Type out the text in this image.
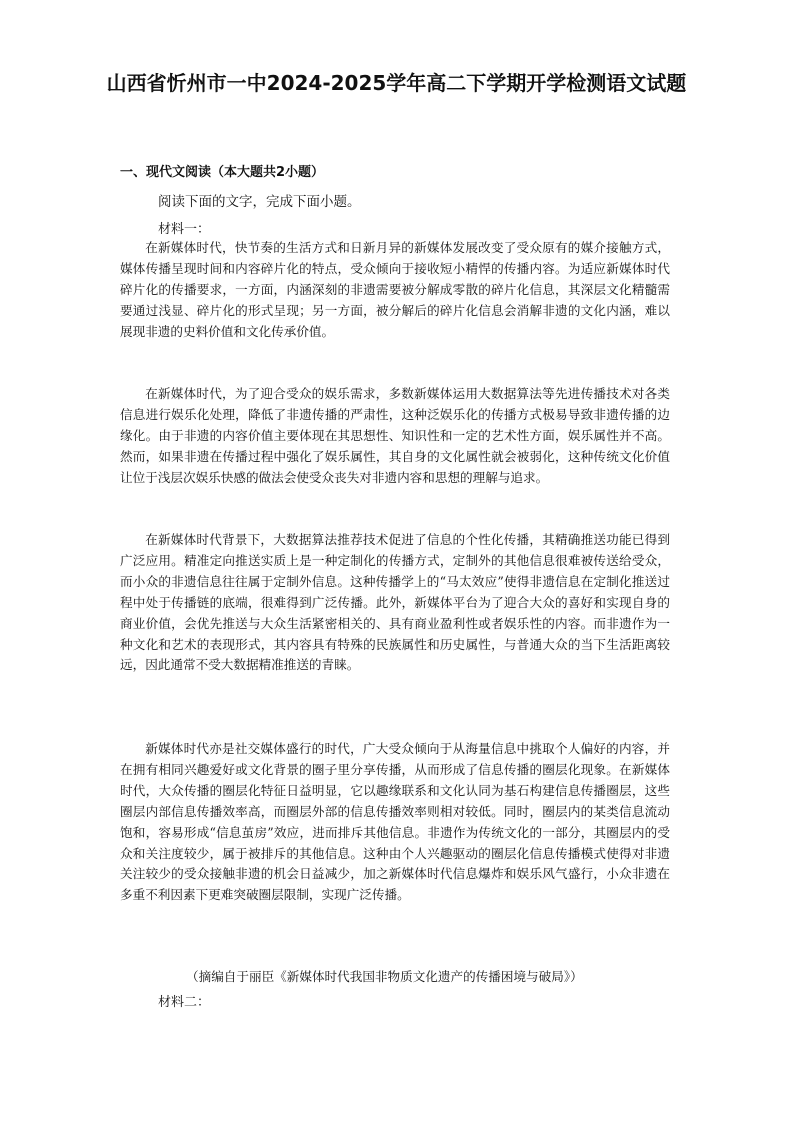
山西省忻州市一中2024-2025学年高二下学期开学检测语文试题
一、现代文阅读（本大题共2小题）
阅读下面的文字，完成下面小题。
材料一：

在新媒体时代，快节奏的生活方式和日新月异的新媒体发展改变了受众原有的媒介接触方式，媒体传播呈现时间和内容碎片化的特点，受众倾向于接收短小精悍的传播内容。为适应新媒体时代碎片化的传播要求，一方面，内涵深刻的非遗需要被分解成零散的碎片化信息，其深层文化精髓需要通过浅显、碎片化的形式呈现；另一方面，被分解后的碎片化信息会消解非遗的文化内涵，难以展现非遗的史料价值和文化传承价值。

在新媒体时代，为了迎合受众的娱乐需求，多数新媒体运用大数据算法等先进传播技术对各类信息进行娱乐化处理，降低了非遗传播的严肃性，这种泛娱乐化的传播方式极易导致非遗传播的边缘化。由于非遗的内容价值主要体现在其思想性、知识性和一定的艺术性方面，娱乐属性并不高。然而，如果非遗在传播过程中强化了娱乐属性，其自身的文化属性就会被弱化，这种传统文化价值让位于浅层次娱乐快感的做法会使受众丧失对非遗内容和思想的理解与追求。

在新媒体时代背景下，大数据算法推荐技术促进了信息的个性化传播，其精确推送功能已得到广泛应用。精准定向推送实质上是一种定制化的传播方式，定制外的其他信息很难被传送给受众，而小众的非遗信息往往属于定制外信息。这种传播学上的“马太效应”使得非遗信息在定制化推送过程中处于传播链的底端，很难得到广泛传播。此外，新媒体平台为了迎合大众的喜好和实现自身的商业价值，会优先推送与大众生活紧密相关的、具有商业盈利性或者娱乐性的内容。而非遗作为一种文化和艺术的表现形式，其内容具有特殊的民族属性和历史属性，与普通大众的当下生活距离较远，因此通常不受大数据精准推送的青睐。

新媒体时代亦是社交媒体盛行的时代，广大受众倾向于从海量信息中挑取个人偏好的内容，并在拥有相同兴趣爱好或文化背景的圈子里分享传播，从而形成了信息传播的圈层化现象。在新媒体时代，大众传播的圈层化特征日益明显，它以趣缘联系和文化认同为基石构建信息传播圈层，这些圈层内部信息传播效率高，而圈层外部的信息传播效率则相对较低。同时，圈层内的某类信息流动饱和，容易形成“信息茧房”效应，进而排斥其他信息。非遗作为传统文化的一部分，其圈层内的受众和关注度较少，属于被排斥的其他信息。这种由个人兴趣驱动的圈层化信息传播模式使得对非遗关注较少的受众接触非遗的机会日益减少，加之新媒体时代信息爆炸和娱乐风气盛行，小众非遗在多重不利因素下更难突破圈层限制，实现广泛传播。

（摘编自于丽臣《新媒体时代我国非物质文化遗产的传播困境与破局》）
材料二：
